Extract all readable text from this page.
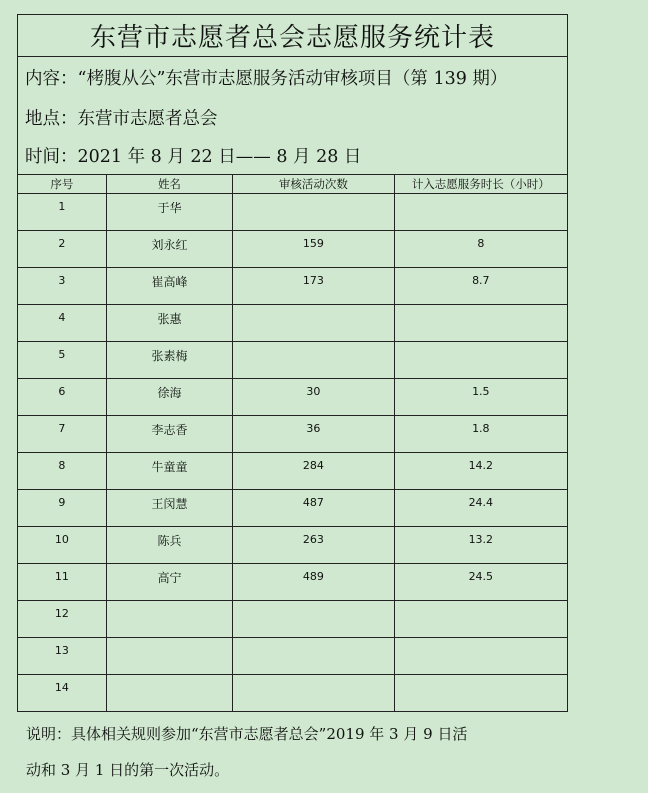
东营市志愿者总会志愿服务统计表
内容：“栲腹从公”东营市志愿服务活动审核项目（第 139 期）
地点：东营市志愿者总会
时间：2021 年 8 月 22 日—— 8 月 28 日
序号	姓名	审核活动次数	计入志愿服务时长（小时）
1	于华
2	刘永红	159	8
3	崔高峰	173	8.7
4	张惠
5	张素梅
6	徐海	30	1.5
7	李志香	36	1.8
8	牛童童	284	14.2
9	王闵慧	487	24.4
10	陈兵	263	13.2
11	高宁	489	24.5
12
13
14
说明：具体相关规则参加“东营市志愿者总会”2019 年 3 月 9 日活
动和 3 月 1 日的第一次活动。
